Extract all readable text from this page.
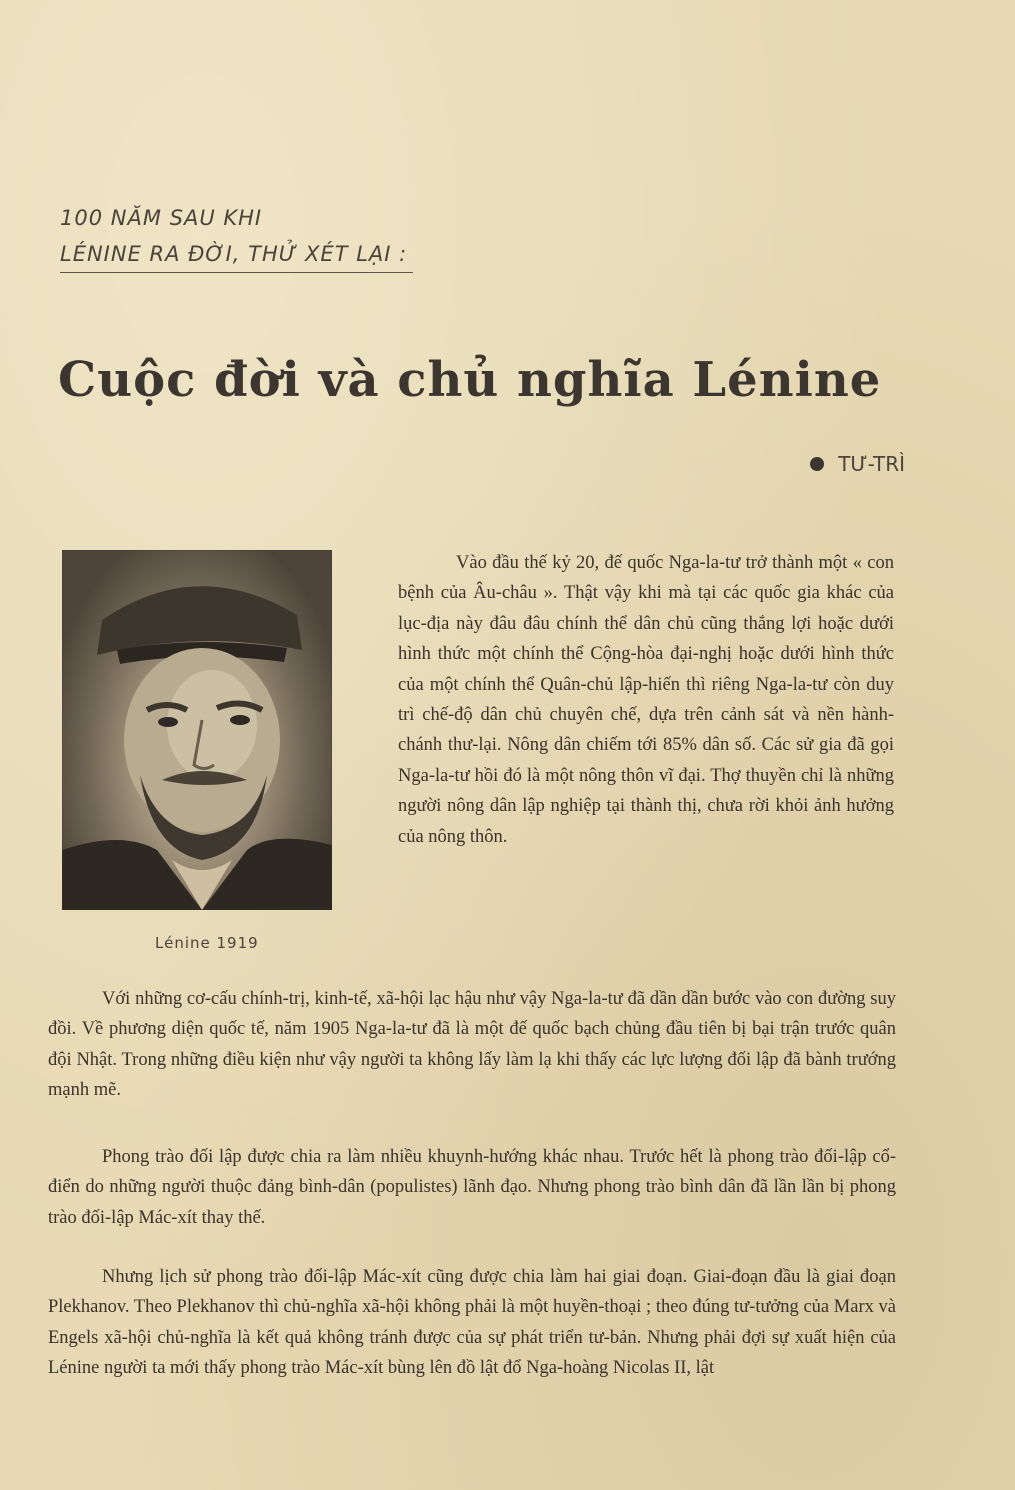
100 NĂM SAU KHI
LÉNINE RA ĐỜI, THỬ XÉT LẠI :
Cuộc đời và chủ nghĩa Lénine
TƯ-TRÌ
Lénine 1919

Vào đầu thế kỷ 20, đế quốc Nga-la-tư trở thành một « con bệnh của Âu-châu ». Thật vậy khi mà tại các quốc gia khác của lục-địa này đâu đâu chính thể dân chủ cũng thắng lợi hoặc dưới hình thức một chính thể Cộng-hòa đại-nghị hoặc dưới hình thức của một chính thể Quân-chủ lập-hiến thì riêng Nga-la-tư còn duy trì chế-độ dân chủ chuyên chế, dựa trên cảnh sát và nền hành-chánh thư-lại. Nông dân chiếm tới 85% dân số. Các sử gia đã gọi Nga-la-tư hồi đó là một nông thôn vĩ đại. Thợ thuyền chỉ là những người nông dân lập nghiệp tại thành thị, chưa rời khỏi ảnh hưởng của nông thôn.

Với những cơ-cấu chính-trị, kinh-tế, xã-hội lạc hậu như vậy Nga-la-tư đã dần dần bước vào con đường suy đồi. Về phương diện quốc tế, năm 1905 Nga-la-tư đã là một đế quốc bạch chủng đầu tiên bị bại trận trước quân đội Nhật. Trong những điều kiện như vậy người ta không lấy làm lạ khi thấy các lực lượng đối lập đã bành trướng mạnh mẽ.

Phong trào đối lập được chia ra làm nhiều khuynh-hướng khác nhau. Trước hết là phong trào đối-lập cổ-điển do những người thuộc đảng bình-dân (populistes) lãnh đạo. Nhưng phong trào bình dân đã lần lần bị phong trào đối-lập Mác-xít thay thế.

Nhưng lịch sử phong trào đối-lập Mác-xít cũng được chia làm hai giai đoạn. Giai-đoạn đầu là giai đoạn Plekhanov. Theo Plekhanov thì chủ-nghĩa xã-hội không phải là một huyền-thoại ; theo đúng tư-tưởng của Marx và Engels xã-hội chủ-nghĩa là kết quả không tránh được của sự phát triển tư-bản. Nhưng phải đợi sự xuất hiện của Lénine người ta mới thấy phong trào Mác-xít bùng lên đồ lật đổ Nga-hoàng Nicolas II, lật
